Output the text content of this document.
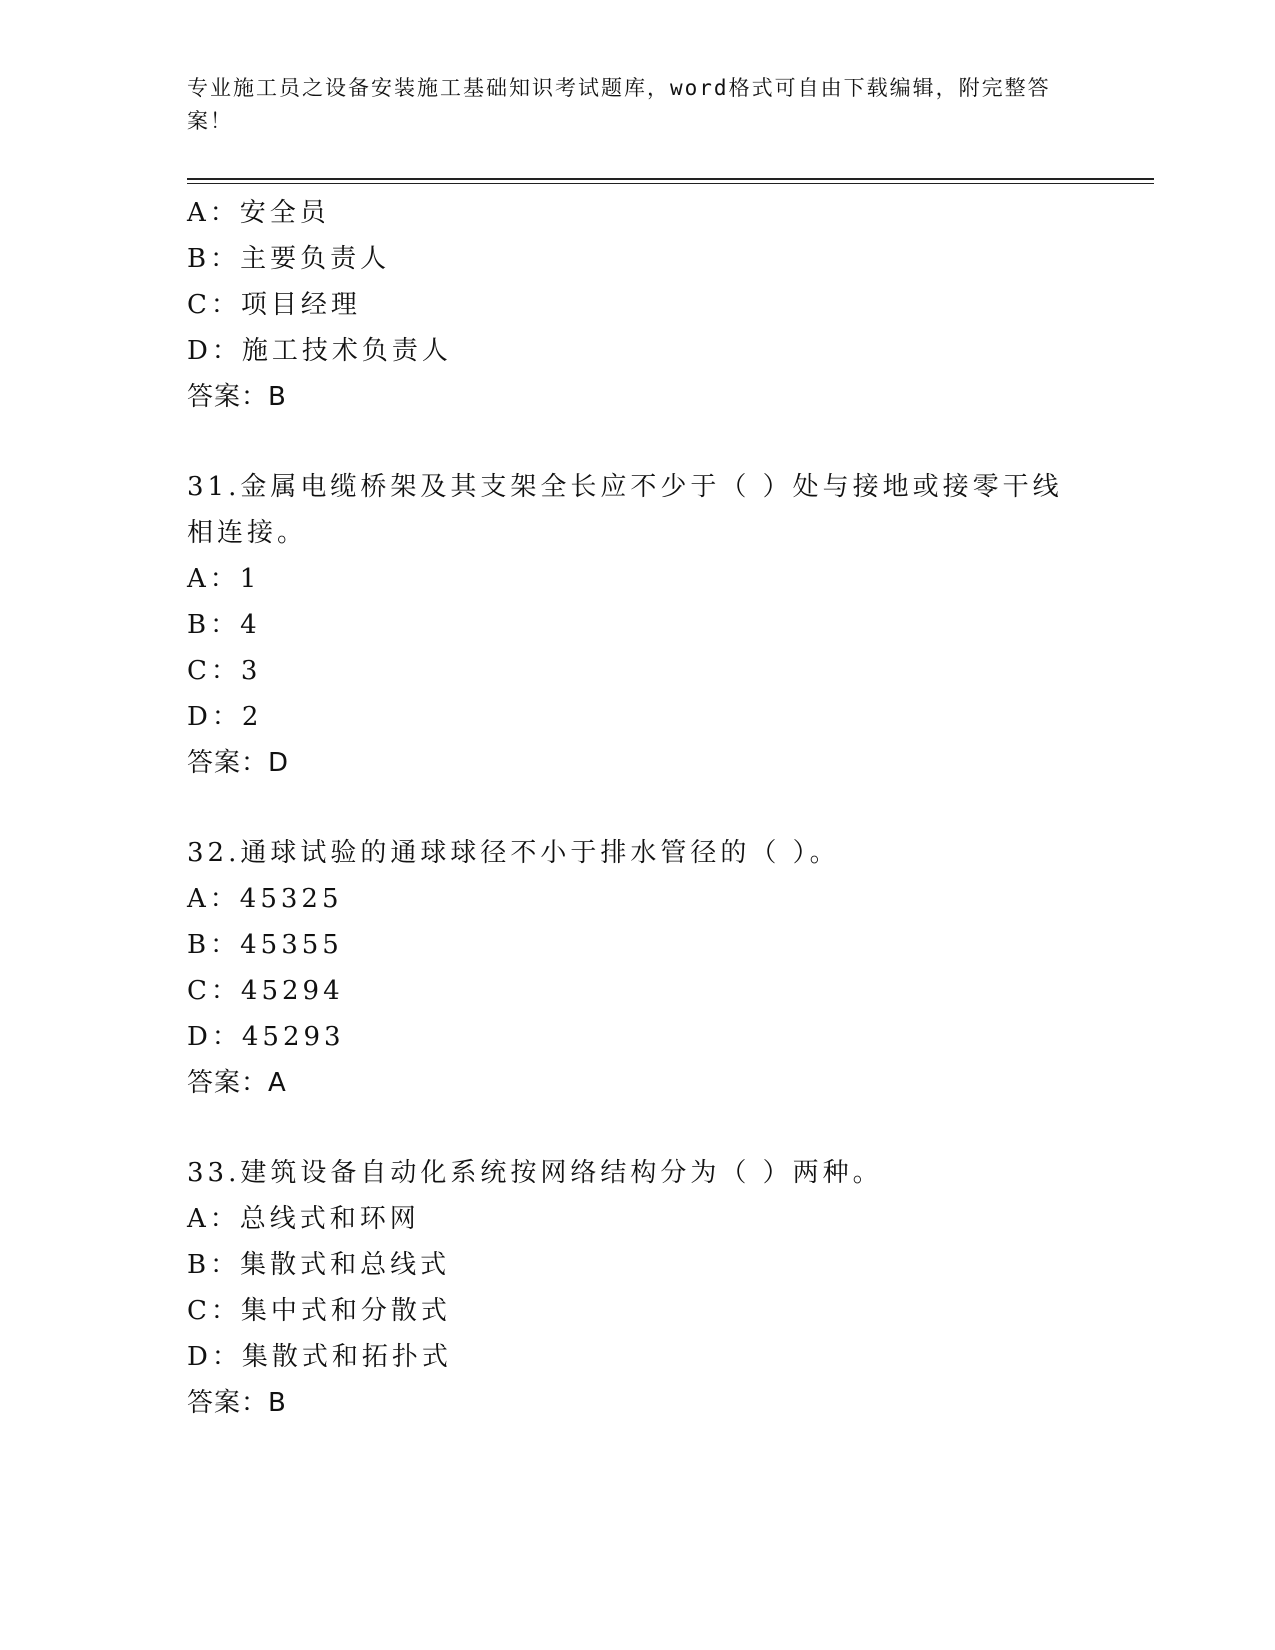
专业施工员之设备安装施工基础知识考试题库，word格式可自由下载编辑，附完整答案！
A：安全员
B：主要负责人
C：项目经理
D：施工技术负责人
答案：B
31.金属电缆桥架及其支架全长应不少于（ ）处与接地或接零干线相连接。
A：1
B：4
C：3
D：2
答案：D
32.通球试验的通球球径不小于排水管径的（ ）。
A：45325
B：45355
C：45294
D：45293
答案：A
33.建筑设备自动化系统按网络结构分为（ ）两种。
A：总线式和环网
B：集散式和总线式
C：集中式和分散式
D：集散式和拓扑式
答案：B
